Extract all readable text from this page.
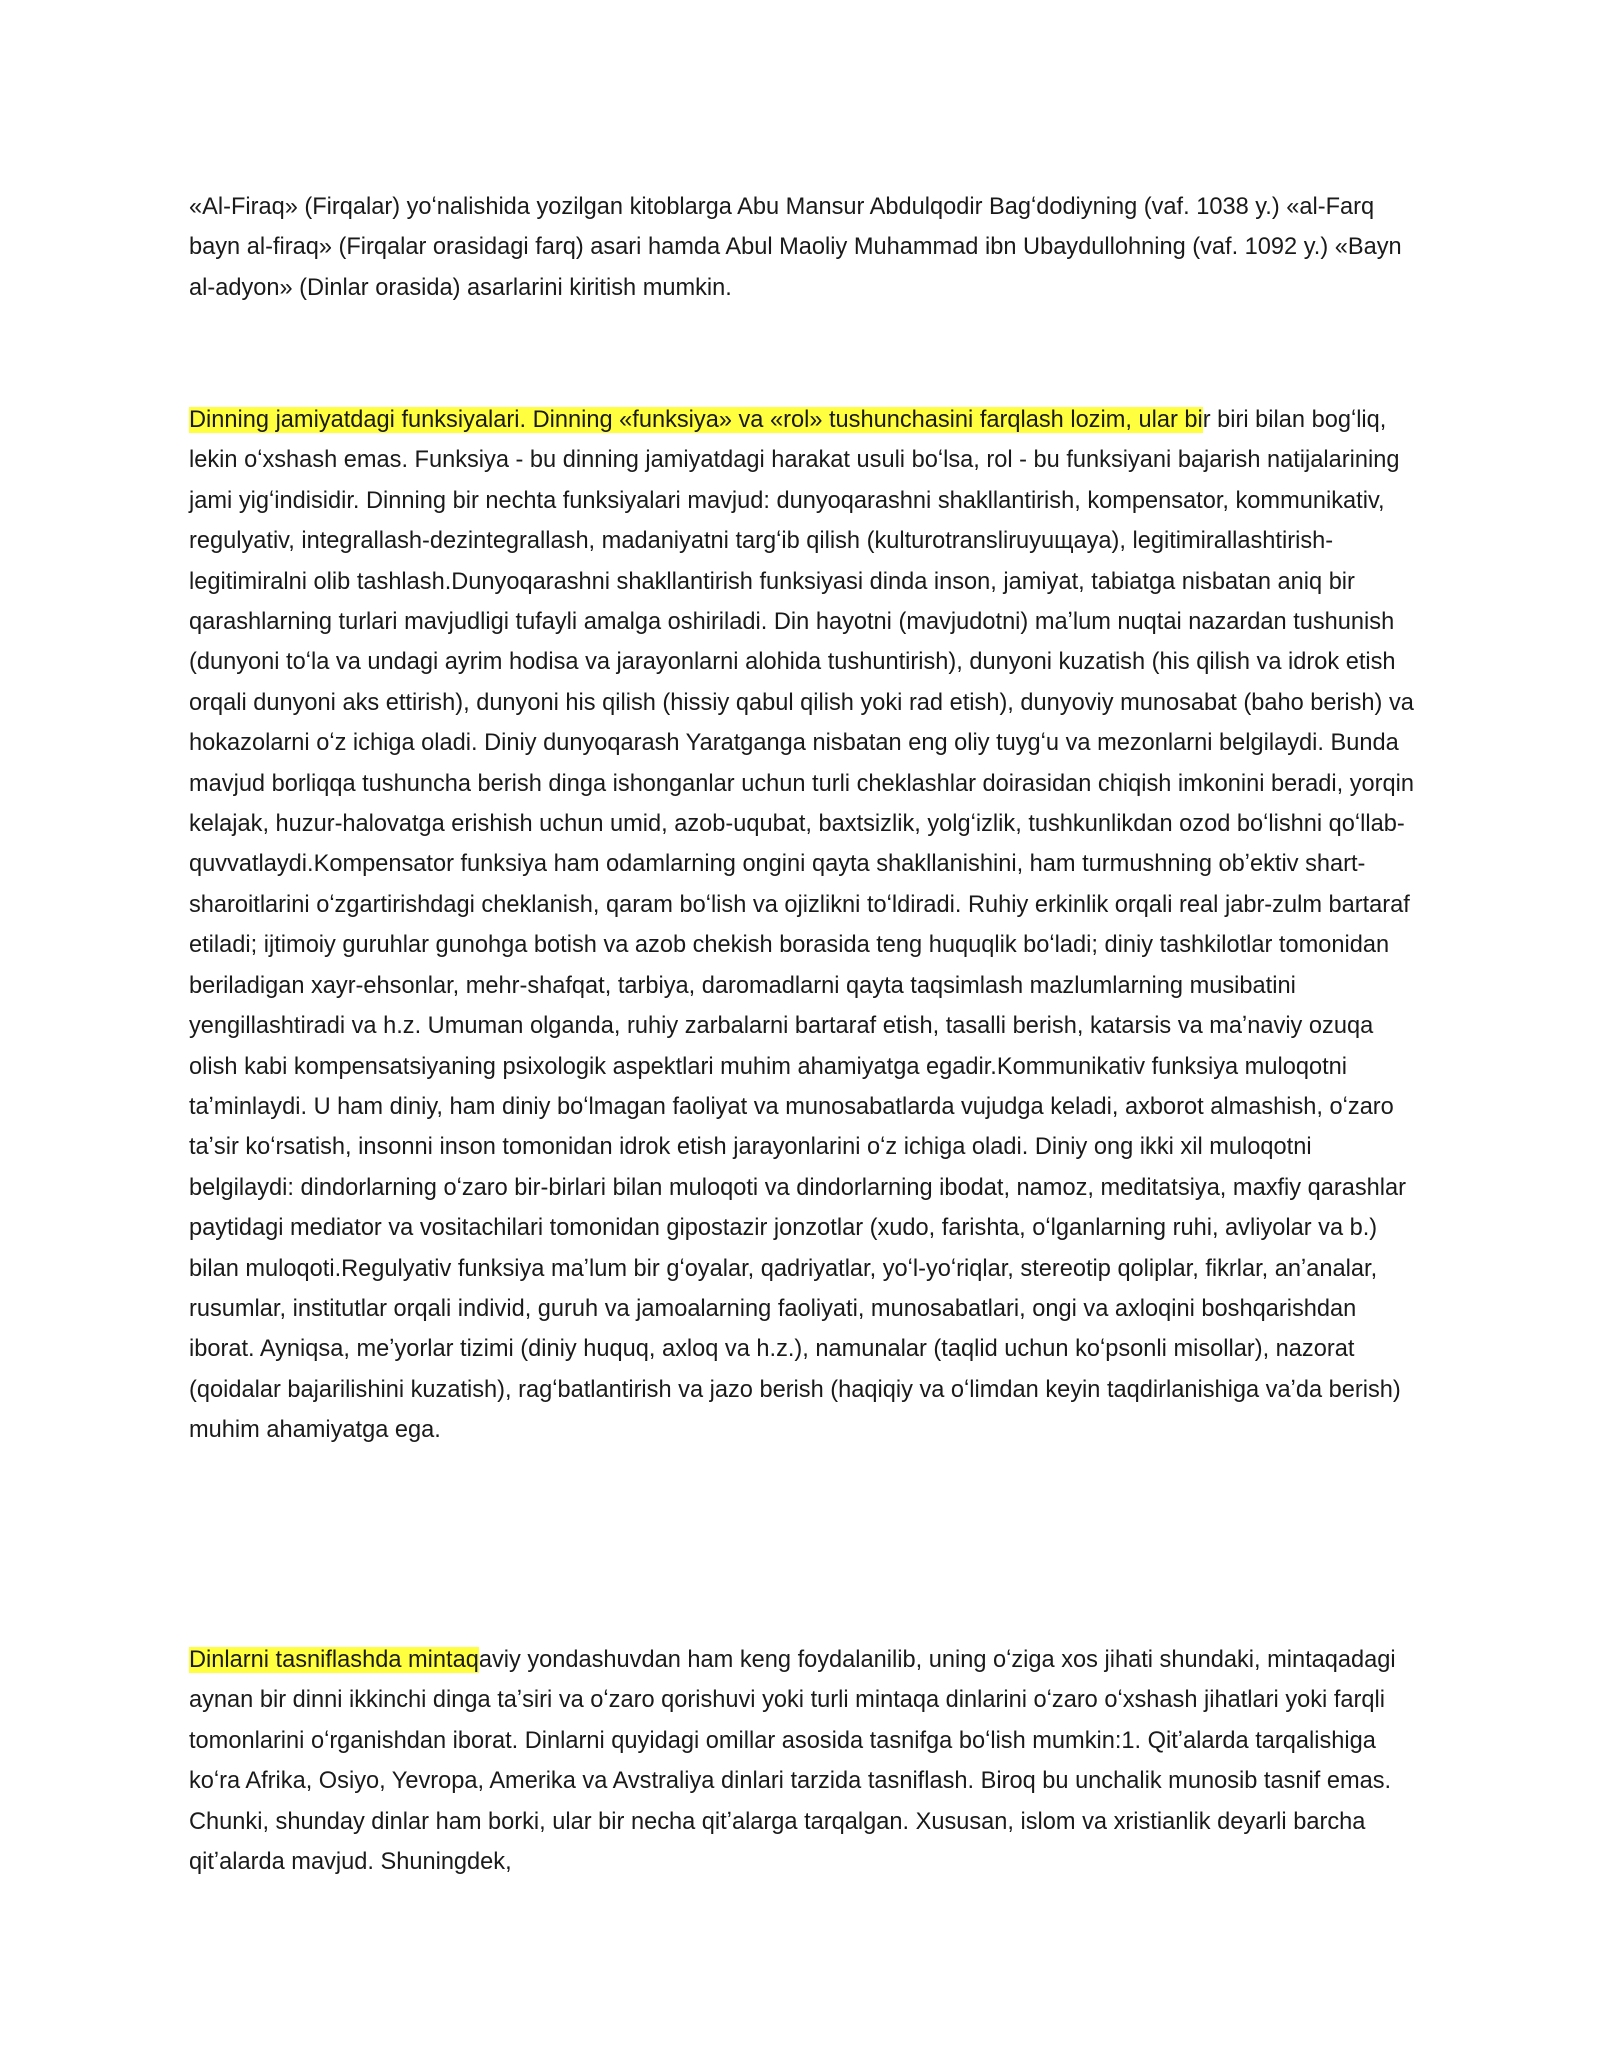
«Al-Firaq» (Firqalar) yoʻnalishida yozilgan kitoblarga Abu Mansur Abdulqodir Bagʻdodiyning (vaf. 1038 y.) «al-Farq bayn al-firaq» (Firqalar orasidagi farq) asari hamda Abul Maoliy Muhammad ibn Ubaydullohning (vaf. 1092 y.) «Bayn al-adyon» (Dinlar orasida) asarlarini kiritish mumkin.

Dinning jamiyatdagi funksiyalari. Dinning «funksiya» va «rol» tushunchasini farqlash lozim, ular bir biri bilan bogʻliq, lekin oʻxshash emas. Funksiya - bu dinning jamiyatdagi harakat usuli boʻlsa, rol - bu funksiyani bajarish natijalarining jami yigʻindisidir. Dinning bir nechta funksiyalari mavjud: dunyoqarashni shakllantirish, kompensator, kommunikativ, regulyativ, integrallash-dezintegrallash, madaniyatni targʻib qilish (kulturotransliruyuщaya), legitimirallashtirish-legitimiralni olib tashlash.Dunyoqarashni shakllantirish funksiyasi dinda inson, jamiyat, tabiatga nisbatan aniq bir qarashlarning turlari mavjudligi tufayli amalga oshiriladi. Din hayotni (mavjudotni) maʼlum nuqtai nazardan tushunish (dunyoni toʻla va undagi ayrim hodisa va jarayonlarni alohida tushuntirish), dunyoni kuzatish (his qilish va idrok etish orqali dunyoni aks ettirish), dunyoni his qilish (hissiy qabul qilish yoki rad etish), dunyoviy munosabat (baho berish) va hokazolarni oʻz ichiga oladi. Diniy dunyoqarash Yaratganga nisbatan eng oliy tuygʻu va mezonlarni belgilaydi. Bunda mavjud borliqqa tushuncha berish dinga ishonganlar uchun turli cheklashlar doirasidan chiqish imkonini beradi, yorqin kelajak, huzur-halovatga erishish uchun umid, azob-uqubat, baxtsizlik, yolgʻizlik, tushkunlikdan ozod boʻlishni qoʻllab-quvvatlaydi.Kompensator funksiya ham odamlarning ongini qayta shakllanishini, ham turmushning obʼektiv shart-sharoitlarini oʻzgartirishdagi cheklanish, qaram boʻlish va ojizlikni toʻldiradi. Ruhiy erkinlik orqali real jabr-zulm bartaraf etiladi; ijtimoiy guruhlar gunohga botish va azob chekish borasida teng huquqlik boʻladi; diniy tashkilotlar tomonidan beriladigan xayr-ehsonlar, mehr-shafqat, tarbiya, daromadlarni qayta taqsimlash mazlumlarning musibatini yengillashtiradi va h.z. Umuman olganda, ruhiy zarbalarni bartaraf etish, tasalli berish, katarsis va maʼnaviy ozuqa olish kabi kompensatsiyaning psixologik aspektlari muhim ahamiyatga egadir.Kommunikativ funksiya muloqotni taʼminlaydi. U ham diniy, ham diniy boʻlmagan faoliyat va munosabatlarda vujudga keladi, axborot almashish, oʻzaro taʼsir koʻrsatish, insonni inson tomonidan idrok etish jarayonlarini oʻz ichiga oladi. Diniy ong ikki xil muloqotni belgilaydi: dindorlarning oʻzaro bir-birlari bilan muloqoti va dindorlarning ibodat, namoz, meditatsiya, maxfiy qarashlar paytidagi mediator va vositachilari tomonidan gipostazir jonzotlar (xudo, farishta, oʻlganlarning ruhi, avliyolar va b.) bilan muloqoti.Regulyativ funksiya maʼlum bir gʻoyalar, qadriyatlar, yoʻl-yoʻriqlar, stereotip qoliplar, fikrlar, anʼanalar, rusumlar, institutlar orqali individ, guruh va jamoalarning faoliyati, munosabatlari, ongi va axloqini boshqarishdan iborat. Ayniqsa, meʼyorlar tizimi (diniy huquq, axloq va h.z.), namunalar (taqlid uchun koʻpsonli misollar), nazorat (qoidalar bajarilishini kuzatish), ragʻbatlantirish va jazo berish (haqiqiy va oʻlimdan keyin taqdirlanishiga vaʼda berish) muhim ahamiyatga ega.

Dinlarni tasniflashda mintaqaviy yondashuvdan ham keng foydalanilib, uning oʻziga xos jihati shundaki, mintaqadagi aynan bir dinni ikkinchi dinga taʼsiri va oʻzaro qorishuvi yoki turli mintaqa dinlarini oʻzaro oʻxshash jihatlari yoki farqli tomonlarini oʻrganishdan iborat. Dinlarni quyidagi omillar asosida tasnifga boʻlish mumkin:1. Qitʼalarda tarqalishiga koʻra Afrika, Osiyo, Yevropa, Amerika va Avstraliya dinlari tarzida tasniflash. Biroq bu unchalik munosib tasnif emas. Chunki, shunday dinlar ham borki, ular bir necha qitʼalarga tarqalgan. Xususan, islom va xristianlik deyarli barcha qitʼalarda mavjud. Shuningdek,
